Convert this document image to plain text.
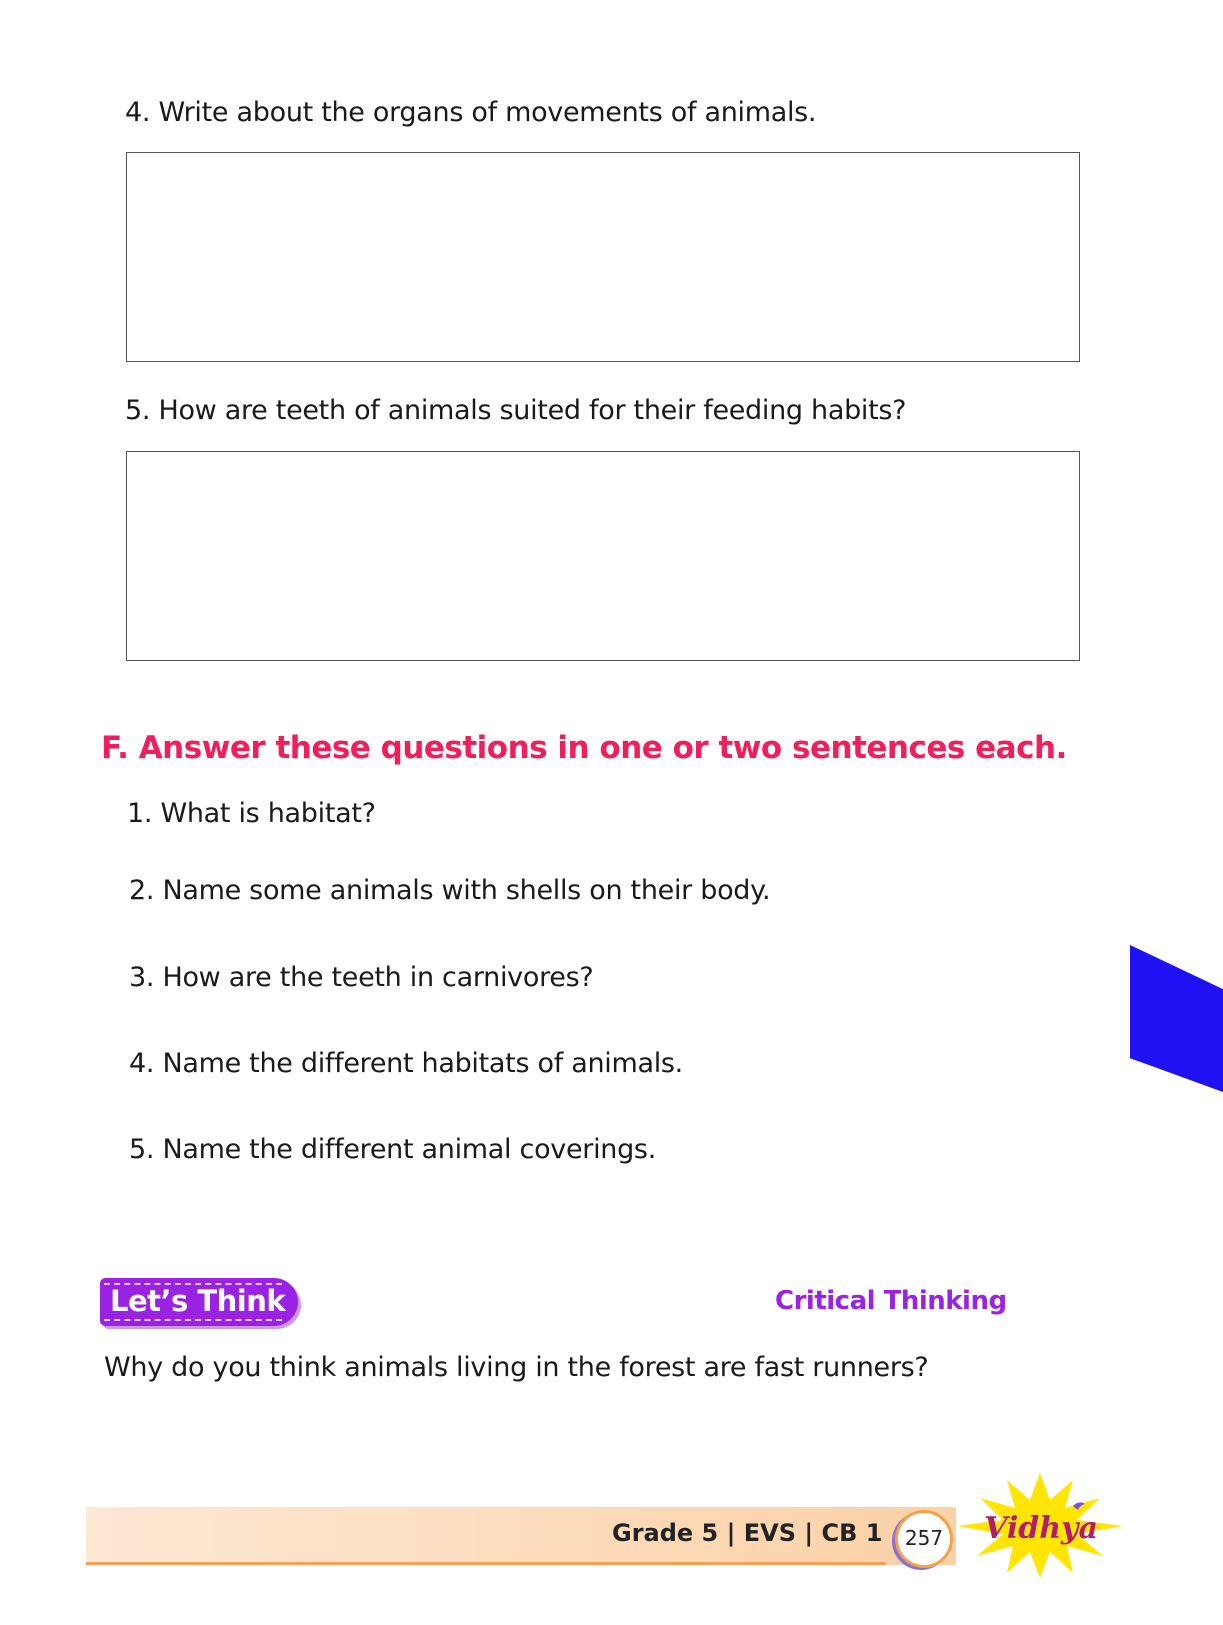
4. Write about the organs of movements of animals.
5. How are teeth of animals suited for their feeding habits?
F. Answer these questions in one or two sentences each.
1. What is habitat?
2. Name some animals with shells on their body.
3. How are the teeth in carnivores?
4. Name the different habitats of animals.
5. Name the different animal coverings.
Let’s Think	Critical Thinking
Why do you think animals living in the forest are fast runners?
Grade 5 | EVS | CB 1	257 Vidhya
